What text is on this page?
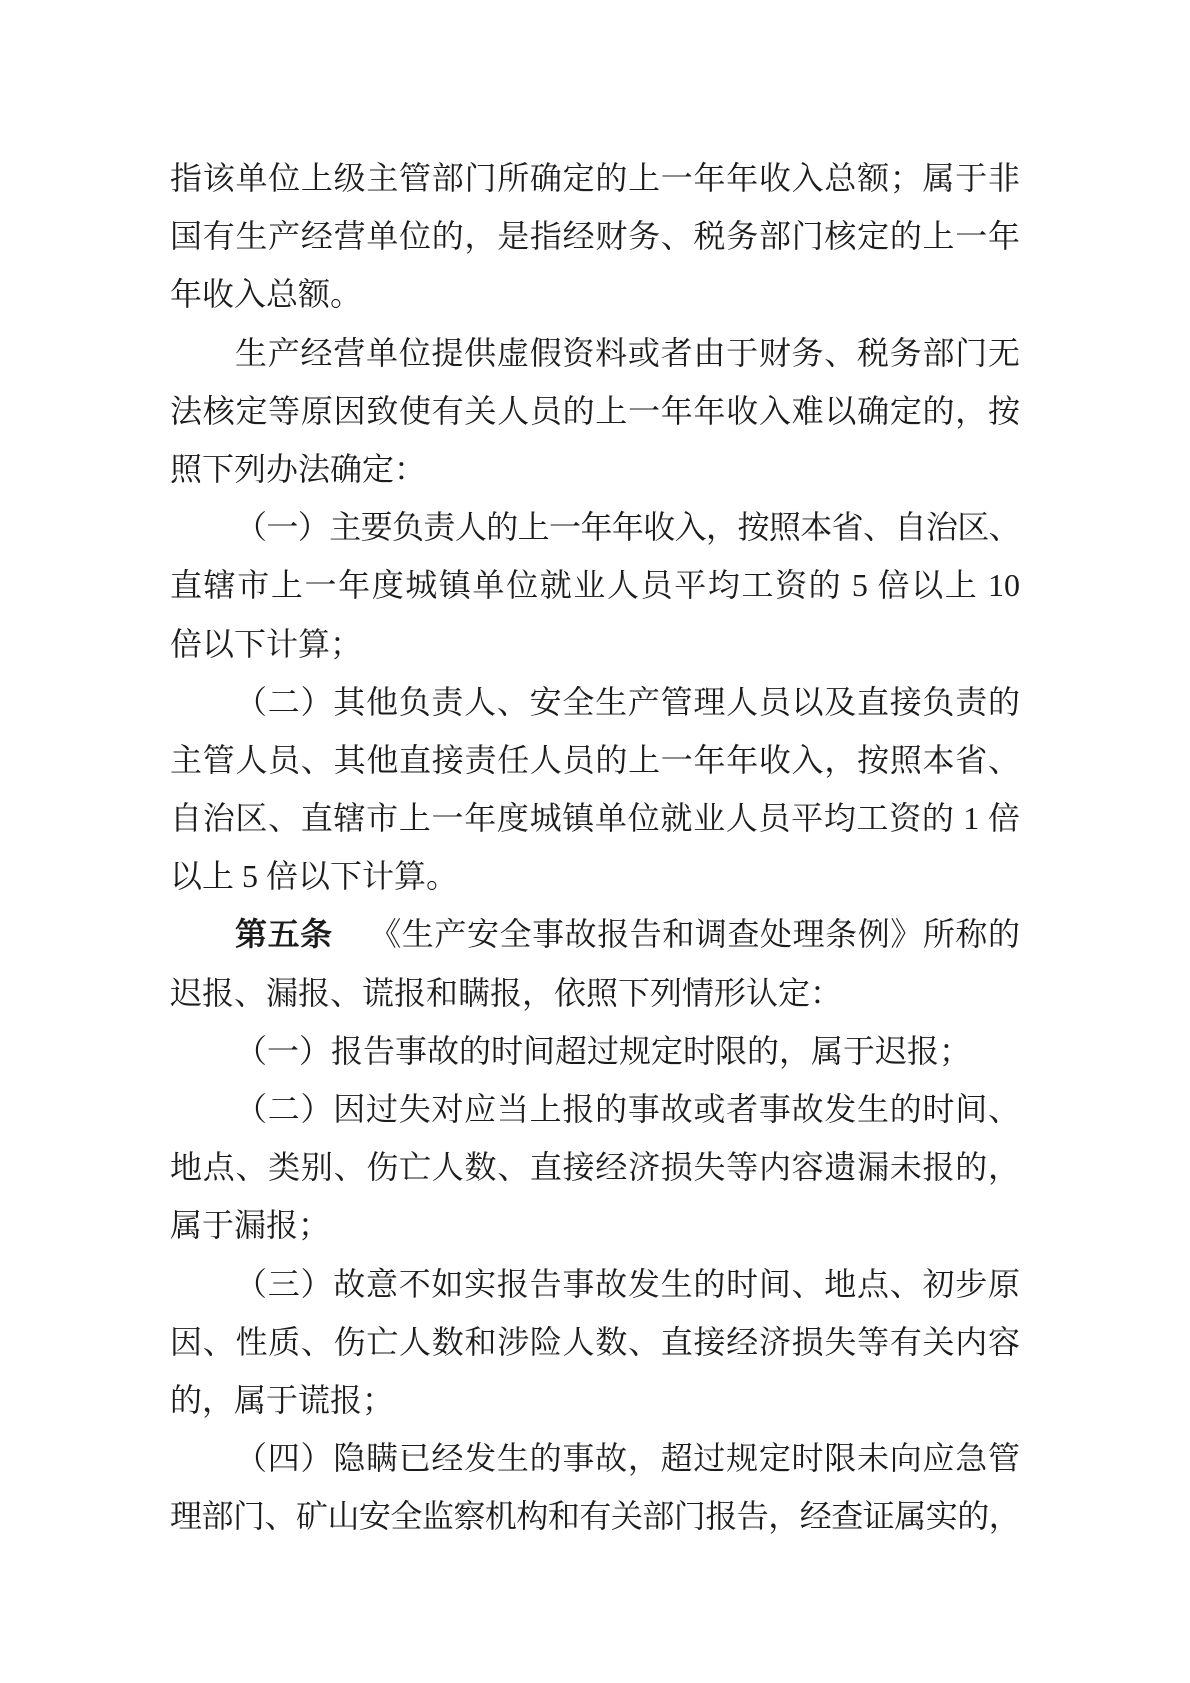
指该单位上级主管部门所确定的上一年年收入总额；属于非
国有生产经营单位的，是指经财务、税务部门核定的上一年
年收入总额。
生产经营单位提供虚假资料或者由于财务、税务部门无
法核定等原因致使有关人员的上一年年收入难以确定的，按
照下列办法确定：
（一）主要负责人的上一年年收入，按照本省、自治区、
直辖市上一年度城镇单位就业人员平均工资的 5 倍以上 10
倍以下计算；
（二）其他负责人、安全生产管理人员以及直接负责的
主管人员、其他直接责任人员的上一年年收入，按照本省、
自治区、直辖市上一年度城镇单位就业人员平均工资的 1 倍
以上 5 倍以下计算。
第五条 《生产安全事故报告和调查处理条例》所称的
迟报、漏报、谎报和瞒报，依照下列情形认定：
（一）报告事故的时间超过规定时限的，属于迟报；
（二）因过失对应当上报的事故或者事故发生的时间、
地点、类别、伤亡人数、直接经济损失等内容遗漏未报的，
属于漏报；
（三）故意不如实报告事故发生的时间、地点、初步原
因、性质、伤亡人数和涉险人数、直接经济损失等有关内容
的，属于谎报；
（四）隐瞒已经发生的事故，超过规定时限未向应急管
理部门、矿山安全监察机构和有关部门报告，经查证属实的，
